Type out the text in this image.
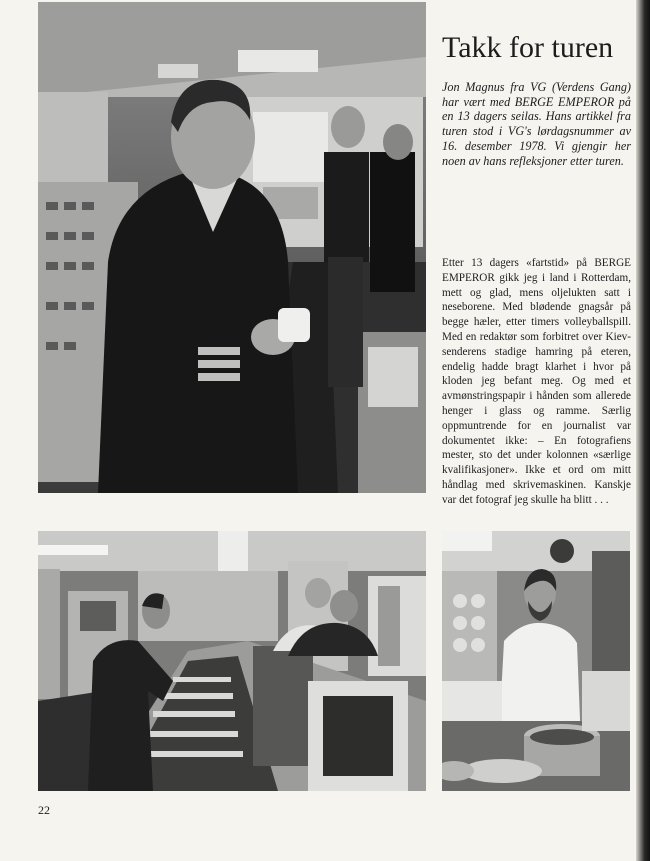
Takk for turen

Jon Magnus fra VG (Verdens Gang) har vært med BERGE EMPEROR på en 13 dagers seilas. Hans artikkel fra turen stod i VG's lørdagsnummer av 16. desember 1978. Vi gjengir her noen av hans refleksjoner etter turen.

Etter 13 dagers «fartstid» på BERGE EMPEROR gikk jeg i land i Rotterdam, mett og glad, mens oljelukten satt i neseborene. Med blødende gnagsår på begge hæler, etter timers volleyballspill. Med en redaktør som forbitret over Kiev-senderens stadige hamring på eteren, endelig hadde bragt klarhet i hvor på kloden jeg befant meg. Og med et avmønstringspapir i hånden som allerede henger i glass og ramme. Særlig oppmuntrende for en journalist var dokumentet ikke: – En fotografiens mester, sto det under kolonnen «særlige kvalifikasjoner». Ikke et ord om mitt håndlag med skrivemaskinen. Kanskje var det fotograf jeg skulle ha blitt . . .

22
